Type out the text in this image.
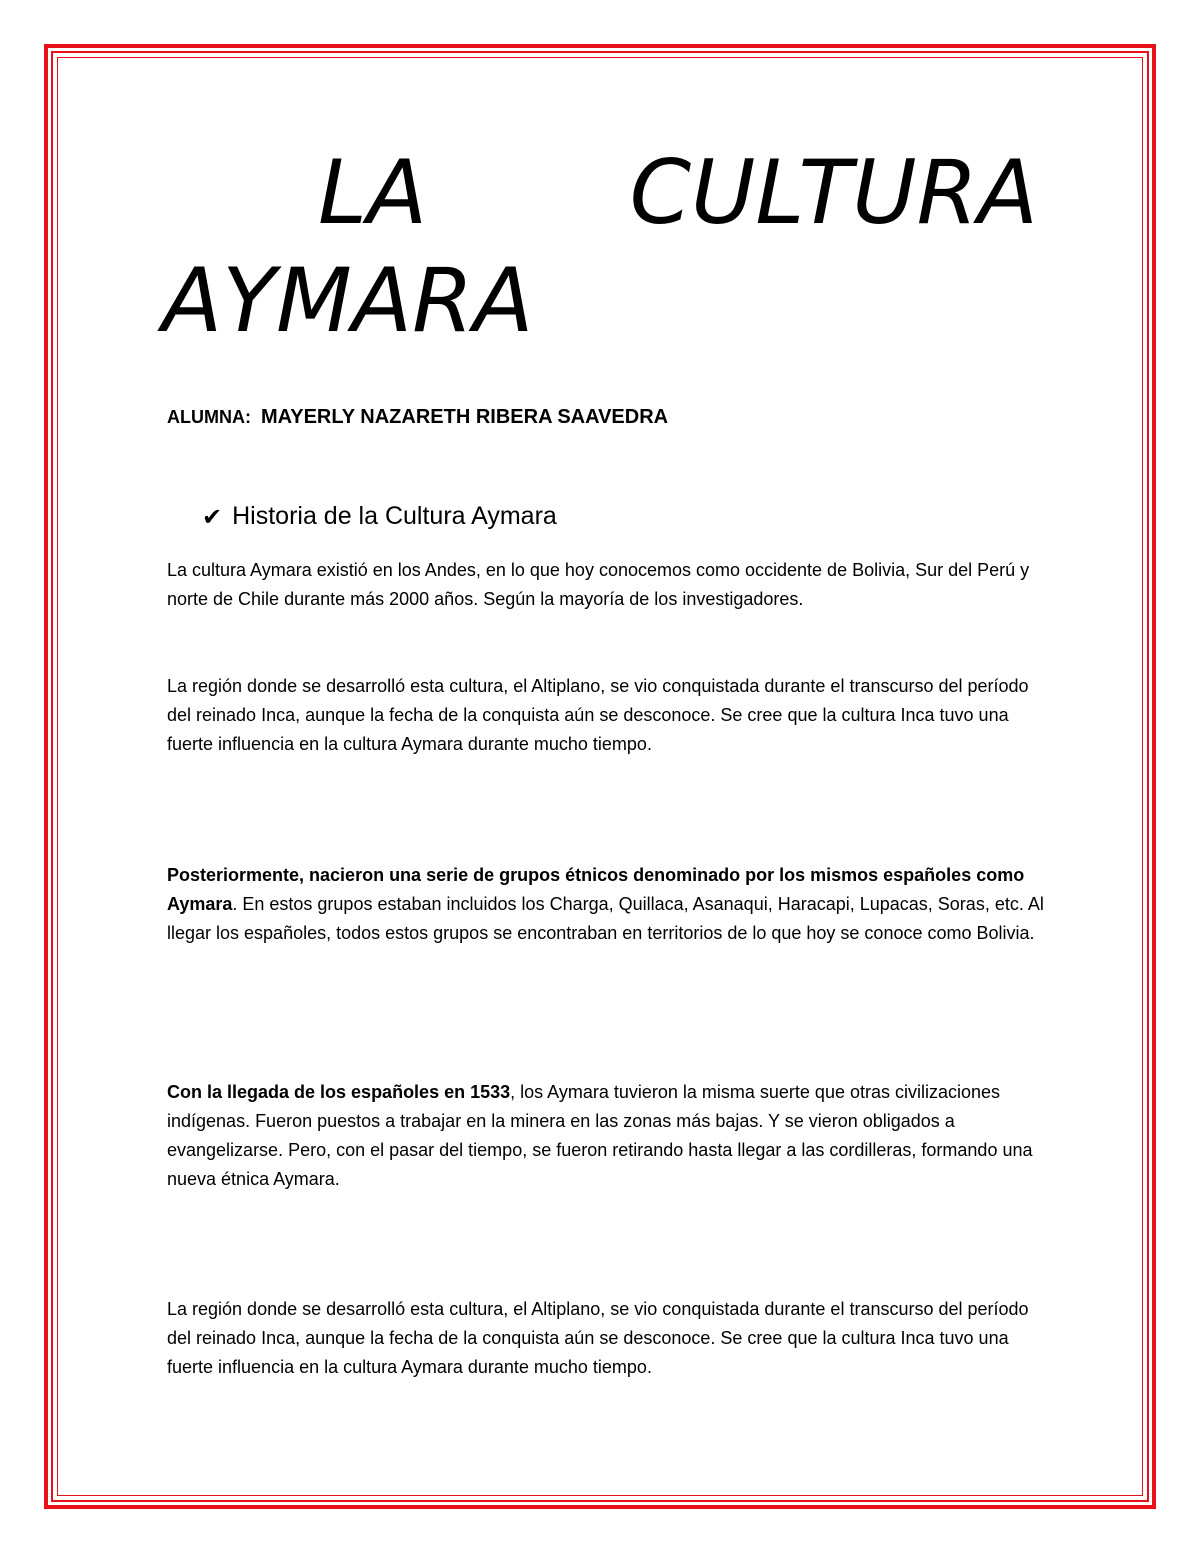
LA CULTURA
AYMARA
ALUMNA: MAYERLY NAZARETH RIBERA SAAVEDRA
✔ Historia de la Cultura Aymara

La cultura Aymara existió en los Andes, en lo que hoy conocemos como occidente de Bolivia, Sur del Perú y norte de Chile durante más 2000 años. Según la mayoría de los investigadores.

La región donde se desarrolló esta cultura, el Altiplano, se vio conquistada durante el transcurso del período del reinado Inca, aunque la fecha de la conquista aún se desconoce. Se cree que la cultura Inca tuvo una fuerte influencia en la cultura Aymara durante mucho tiempo.

Posteriormente, nacieron una serie de grupos étnicos denominado por los mismos españoles como Aymara. En estos grupos estaban incluidos los Charga, Quillaca, Asanaqui, Haracapi, Lupacas, Soras, etc. Al llegar los españoles, todos estos grupos se encontraban en territorios de lo que hoy se conoce como Bolivia.

Con la llegada de los españoles en 1533, los Aymara tuvieron la misma suerte que otras civilizaciones indígenas. Fueron puestos a trabajar en la minera en las zonas más bajas. Y se vieron obligados a evangelizarse. Pero, con el pasar del tiempo, se fueron retirando hasta llegar a las cordilleras, formando una nueva étnica Aymara.

La región donde se desarrolló esta cultura, el Altiplano, se vio conquistada durante el transcurso del período del reinado Inca, aunque la fecha de la conquista aún se desconoce. Se cree que la cultura Inca tuvo una fuerte influencia en la cultura Aymara durante mucho tiempo.
